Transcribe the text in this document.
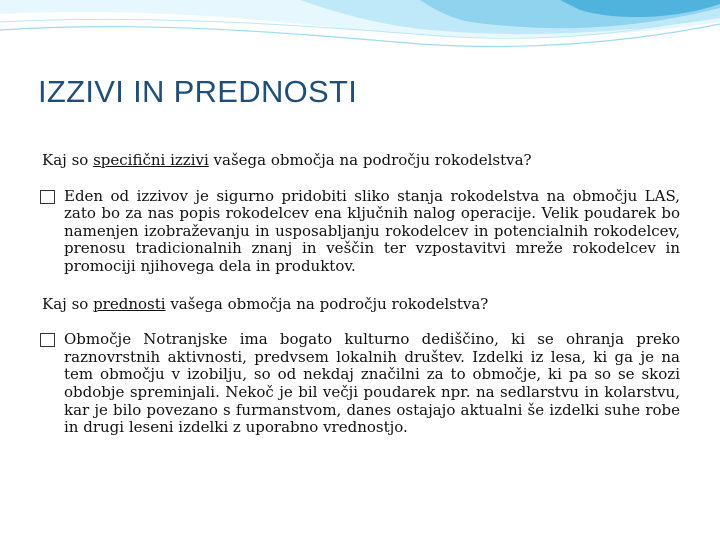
IZZIVI IN PREDNOSTI

Kaj so specifični izzivi vašega območja na področju rokodelstva?

Eden od izzivov je sigurno pridobiti sliko stanja rokodelstva na območju LAS, zato bo za nas popis rokodelcev ena ključnih nalog operacije. Velik poudarek bo namenjen izobraževanju in usposabljanju rokodelcev in potencialnih rokodelcev, prenosu tradicionalnih znanj in veščin ter vzpostavitvi mreže rokodelcev in promociji njihovega dela in produktov.

Kaj so prednosti vašega območja na področju rokodelstva?

Območje Notranjske ima bogato kulturno dediščino, ki se ohranja preko raznovrstnih aktivnosti, predvsem lokalnih društev. Izdelki iz lesa, ki ga je na tem območju v izobilju, so od nekdaj značilni za to območje, ki pa so se skozi obdobje spreminjali. Nekoč je bil večji poudarek npr. na sedlarstvu in kolarstvu, kar je bilo povezano s furmanstvom, danes ostajajo aktualni še izdelki suhe robe in drugi leseni izdelki z uporabno vrednostjo.
